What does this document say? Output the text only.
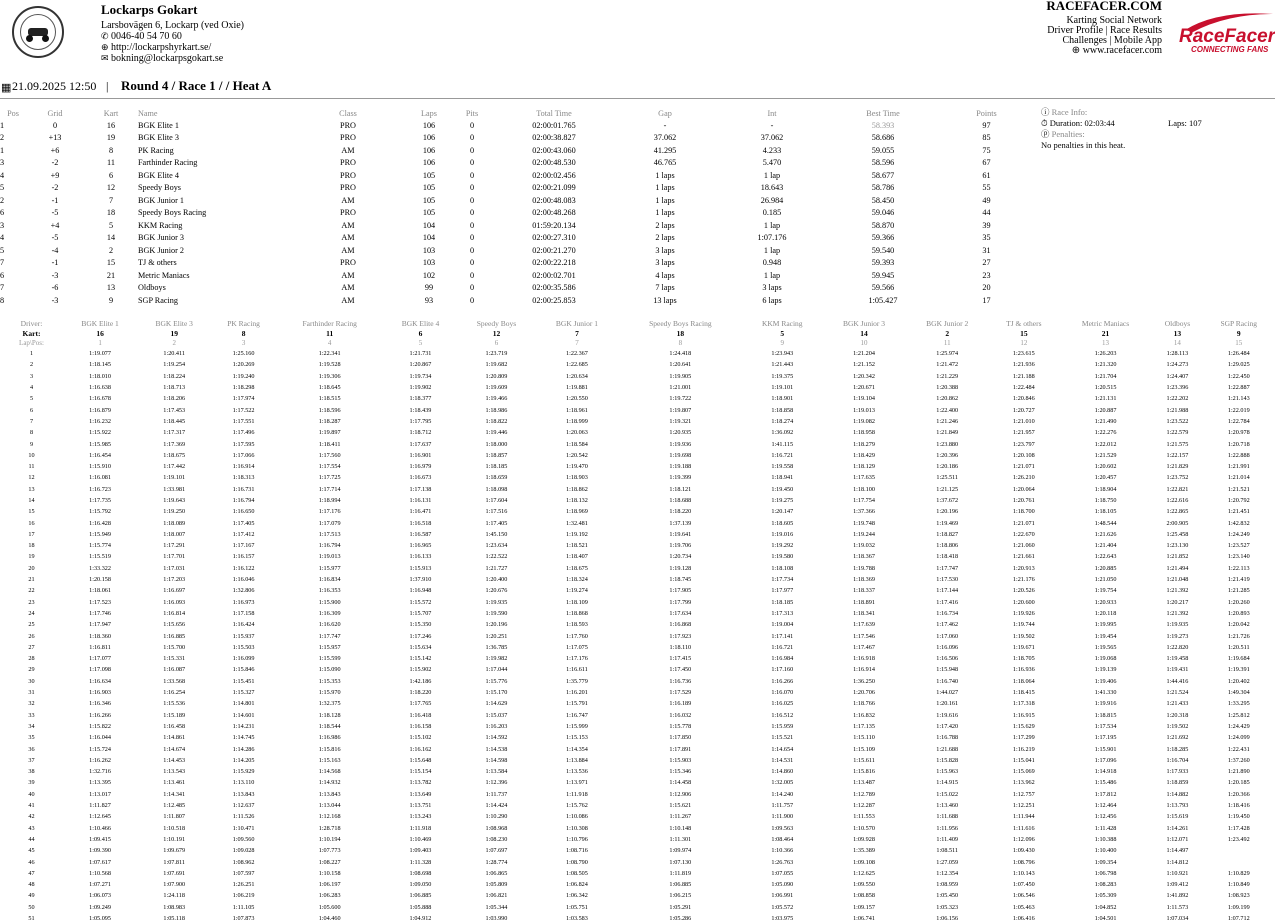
Lockarps Gokart
Larsbovägen 6, Lockarp (ved Oxie)
✆ 0046-40 54 70 60
⊕ http://lockarpshyrkart.se/
✉ bokning@lockarpsgokart.se
RACEFACER.COM
Karting Social Network
Driver Profile | Race Results
Challenges | Mobile App
⊕ www.racefacer.com
RaceFacer
CONNECTING FANS
▦ 21.09.2025 12:50 | Round 4 / Race 1 / / Heat A
Pos	Grid	Kart	Name	Class	Laps	Pits	Total Time	Gap	Int	Best Time	Points
1	0	16	BGK Elite 1	PRO	106	0	02:00:01.765	-	-	58.393	97
2	+13	19	BGK Elite 3	PRO	106	0	02:00:38.827	37.062	37.062	58.686	85
1	+6	8	PK Racing	AM	106	0	02:00:43.060	41.295	4.233	59.055	75
3	-2	11	Farthinder Racing	PRO	106	0	02:00:48.530	46.765	5.470	58.596	67
4	+9	6	BGK Elite 4	PRO	105	0	02:00:02.456	1 laps	1 lap	58.677	61
5	-2	12	Speedy Boys	PRO	105	0	02:00:21.099	1 laps	18.643	58.786	55
2	-1	7	BGK Junior 1	AM	105	0	02:00:48.083	1 laps	26.984	58.450	49
6	-5	18	Speedy Boys Racing	PRO	105	0	02:00:48.268	1 laps	0.185	59.046	44
3	+4	5	KKM Racing	AM	104	0	01:59:20.134	2 laps	1 lap	58.870	39
4	-5	14	BGK Junior 3	AM	104	0	02:00:27.310	2 laps	1:07.176	59.366	35
5	-4	2	BGK Junior 2	AM	103	0	02:00:21.270	3 laps	1 lap	59.540	31
7	-1	15	TJ & others	PRO	103	0	02:00:22.218	3 laps	0.948	59.393	27
6	-3	21	Metric Maniacs	AM	102	0	02:00:02.701	4 laps	1 lap	59.945	23
7	-6	13	Oldboys	AM	99	0	02:00:35.586	7 laps	3 laps	59.566	20
8	-3	9	SGP Racing	AM	93	0	02:00:25.853	13 laps	6 laps	1:05.427	17
ⓘ Race Info:
⏱ Duration: 02:03:44	Laps: 107
ⓟ Penalties:
No penalties in this heat.
Driver:	BGK Elite 1	BGK Elite 3	PK Racing	Farthinder Racing	BGK Elite 4	Speedy Boys	BGK Junior 1	Speedy Boys Racing	KKM Racing	BGK Junior 3	BGK Junior 2	TJ & others	Metric Maniacs	Oldboys	SGP Racing
Kart:	16	19	8	11	6	12	7	18	5	14	2	15	21	13	9
Lap\Pos:	1	2	3	4	5	6	7	8	9	10	11	12	13	14	15
1	1:19.077	1:20.411	1:25.160	1:22.341	1:21.731	1:23.719	1:22.367	1:24.418	1:23.943	1:21.204	1:25.974	1:23.615	1:26.203	1:28.113	1:26.484
2	1:18.145	1:19.254	1:20.269	1:19.528	1:20.867	1:19.682	1:22.685	1:20.641	1:21.443	1:21.152	1:21.472	1:21.936	1:21.320	1:24.273	1:29.025
3	1:18.010	1:18.224	1:19.240	1:19.306	1:19.734	1:20.809	1:20.634	1:19.905	1:19.375	1:20.342	1:21.229	1:21.188	1:21.704	1:24.407	1:22.450
4	1:16.638	1:18.713	1:18.298	1:18.645	1:19.902	1:19.609	1:19.881	1:21.001	1:19.101	1:20.671	1:20.388	1:22.484	1:20.515	1:23.396	1:22.887
5	1:16.678	1:18.206	1:17.974	1:18.515	1:18.377	1:19.466	1:20.550	1:19.722	1:18.901	1:19.104	1:20.862	1:20.846	1:21.131	1:22.202	1:21.143
6	1:16.879	1:17.453	1:17.522	1:18.596	1:18.439	1:18.986	1:18.961	1:19.807	1:18.858	1:19.013	1:22.400	1:20.727	1:20.887	1:21.988	1:22.019
7	1:16.232	1:18.445	1:17.551	1:18.287	1:17.795	1:18.822	1:18.999	1:19.321	1:18.274	1:19.082	1:21.246	1:21.010	1:21.490	1:23.522	1:22.784
8	1:15.922	1:17.317	1:17.496	1:19.897	1:18.712	1:19.446	1:20.063	1:20.935	1:36.092	1:18.958	1:21.849	1:21.957	1:22.276	1:22.579	1:20.978
9	1:15.985	1:17.369	1:17.595	1:18.411	1:17.637	1:18.000	1:18.584	1:19.936	1:41.115	1:18.279	1:23.880	1:23.797	1:22.012	1:21.575	1:20.718
10	1:16.454	1:18.675	1:17.066	1:17.560	1:16.901	1:18.857	1:20.542	1:19.698	1:16.721	1:18.429	1:20.396	1:20.108	1:21.529	1:22.157	1:22.888
11	1:15.910	1:17.442	1:16.914	1:17.554	1:16.979	1:18.185	1:19.470	1:19.188	1:19.558	1:18.129	1:20.186	1:21.071	1:20.602	1:21.829	1:21.991
12	1:16.081	1:19.101	1:18.313	1:17.725	1:16.673	1:18.659	1:18.903	1:19.399	1:18.941	1:17.635	1:25.511	1:26.210	1:20.457	1:23.752	1:21.014
13	1:16.723	1:33.981	1:16.731	1:17.714	1:17.138	1:18.098	1:18.862	1:18.121	1:19.450	1:18.100	1:21.125	1:20.064	1:18.904	1:22.821	1:21.521
14	1:17.735	1:19.643	1:16.794	1:18.994	1:16.131	1:17.604	1:18.132	1:18.688	1:19.275	1:17.754	1:37.672	1:20.761	1:18.750	1:22.616	1:20.792
15	1:15.792	1:19.250	1:16.650	1:17.176	1:16.471	1:17.516	1:18.969	1:18.220	1:20.147	1:37.366	1:20.196	1:18.700	1:18.105	1:22.865	1:21.451
16	1:16.428	1:18.089	1:17.405	1:17.079	1:16.518	1:17.405	1:32.481	1:37.139	1:18.605	1:19.748	1:19.469	1:21.071	1:48.544	2:00.905	1:42.832
17	1:15.949	1:18.007	1:17.412	1:17.513	1:16.587	1:45.150	1:19.192	1:19.641	1:19.016	1:19.244	1:18.827	1:22.670	1:21.626	1:25.458	1:24.249
18	1:15.774	1:17.291	1:17.167	1:16.794	1:16.965	1:23.634	1:18.521	1:19.706	1:19.292	1:19.032	1:18.806	1:21.060	1:21.404	1:23.130	1:23.527
19	1:15.519	1:17.701	1:16.157	1:19.013	1:16.133	1:22.522	1:18.407	1:20.734	1:19.580	1:18.367	1:18.418	1:21.661	1:22.643	1:21.852	1:23.140
20	1:33.322	1:17.031	1:16.122	1:15.977	1:15.913	1:21.727	1:18.675	1:19.128	1:18.108	1:19.788	1:17.747	1:20.913	1:20.885	1:21.494	1:22.113
21	1:20.158	1:17.203	1:16.046	1:16.834	1:37.910	1:20.400	1:18.324	1:18.745	1:17.734	1:18.369	1:17.530	1:21.176	1:21.050	1:21.048	1:21.419
22	1:18.061	1:16.697	1:32.806	1:16.353	1:16.948	1:20.676	1:19.274	1:17.905	1:17.977	1:18.337	1:17.144	1:20.526	1:19.754	1:21.392	1:21.285
23	1:17.523	1:16.093	1:16.973	1:15.900	1:15.572	1:19.935	1:18.109	1:17.799	1:18.185	1:18.891	1:17.416	1:20.600	1:20.933	1:20.217	1:20.260
24	1:17.746	1:16.814	1:17.158	1:16.309	1:15.707	1:19.590	1:18.868	1:17.634	1:17.313	1:18.341	1:16.734	1:19.926	1:20.118	1:21.392	1:20.893
25	1:17.947	1:15.656	1:16.424	1:16.620	1:15.350	1:20.196	1:18.593	1:16.868	1:19.004	1:17.639	1:17.462	1:19.744	1:19.995	1:19.935	1:20.042
26	1:18.360	1:16.885	1:15.937	1:17.747	1:17.246	1:20.251	1:17.760	1:17.923	1:17.141	1:17.546	1:17.060	1:19.502	1:19.454	1:19.273	1:21.726
27	1:16.811	1:15.700	1:15.503	1:15.957	1:15.634	1:36.785	1:17.075	1:18.110	1:16.721	1:17.467	1:16.096	1:19.671	1:19.565	1:22.820	1:20.511
28	1:17.077	1:15.331	1:16.099	1:15.599	1:15.142	1:19.982	1:17.176	1:17.415	1:16.984	1:16.918	1:16.506	1:18.705	1:19.068	1:19.458	1:19.684
29	1:17.098	1:16.087	1:15.846	1:15.090	1:15.902	1:17.044	1:16.611	1:17.450	1:17.160	1:16.914	1:15.948	1:16.936	1:19.139	1:19.431	1:19.391
30	1:16.634	1:33.568	1:15.451	1:15.353	1:42.186	1:15.776	1:35.779	1:16.736	1:16.266	1:36.250	1:16.740	1:18.064	1:19.406	1:44.416	1:20.402
31	1:16.903	1:16.254	1:15.327	1:15.970	1:18.220	1:15.170	1:16.201	1:17.529	1:16.070	1:20.706	1:44.027	1:18.415	1:41.330	1:21.524	1:49.304
32	1:16.346	1:15.536	1:14.801	1:32.375	1:17.765	1:14.629	1:15.791	1:16.189	1:16.025	1:18.766	1:20.161	1:17.318	1:19.916	1:21.433	1:33.295
33	1:16.266	1:15.189	1:14.601	1:18.128	1:16.418	1:15.037	1:16.747	1:16.032	1:16.512	1:16.832	1:19.616	1:16.915	1:18.815	1:20.318	1:25.812
34	1:15.822	1:16.458	1:14.231	1:18.544	1:16.158	1:16.203	1:15.999	1:15.778	1:15.959	1:17.135	1:17.420	1:15.629	1:17.534	1:19.502	1:24.429
35	1:16.044	1:14.861	1:14.745	1:16.986	1:15.102	1:14.592	1:15.153	1:17.850	1:15.521	1:15.110	1:16.788	1:17.299	1:17.195	1:21.692	1:24.099
36	1:15.724	1:14.674	1:14.286	1:15.816	1:16.162	1:14.538	1:14.354	1:17.891	1:14.654	1:15.109	1:21.688	1:16.219	1:15.901	1:18.285	1:22.431
37	1:16.262	1:14.453	1:14.205	1:15.163	1:15.648	1:14.598	1:13.884	1:15.903	1:14.531	1:15.611	1:15.828	1:15.041	1:17.096	1:16.704	1:37.260
38	1:32.716	1:13.543	1:15.929	1:14.568	1:15.154	1:13.584	1:13.536	1:15.346	1:14.860	1:15.816	1:15.963	1:15.069	1:14.918	1:17.933	1:21.890
39	1:13.395	1:13.461	1:13.110	1:14.932	1:13.782	1:12.396	1:13.971	1:14.458	1:32.005	1:13.487	1:14.915	1:13.962	1:15.486	1:18.859	1:20.185
40	1:13.017	1:14.341	1:13.843	1:13.843	1:13.649	1:11.737	1:11.918	1:12.906	1:14.240	1:12.789	1:15.022	1:12.757	1:17.812	1:14.882	1:20.366
41	1:11.827	1:12.485	1:12.637	1:13.044	1:13.751	1:14.424	1:15.762	1:15.621	1:11.757	1:12.287	1:13.460	1:12.251	1:12.464	1:13.793	1:18.416
42	1:12.645	1:11.807	1:11.526	1:12.168	1:13.243	1:10.290	1:10.086	1:11.267	1:11.900	1:11.553	1:11.688	1:11.944	1:12.456	1:15.619	1:19.450
43	1:10.466	1:10.518	1:10.471	1:28.718	1:11.918	1:08.968	1:10.308	1:10.148	1:09.563	1:10.570	1:11.956	1:11.616	1:11.428	1:14.261	1:17.428
44	1:09.415	1:10.191	1:09.560	1:10.194	1:10.469	1:08.230	1:10.796	1:11.301	1:08.464	1:09.928	1:11.409	1:12.096	1:10.388	1:12.071	1:23.492
45	1:09.390	1:09.679	1:09.028	1:07.773	1:09.403	1:07.697	1:08.716	1:09.974	1:10.366	1:35.389	1:08.511	1:09.430	1:10.400	1:14.497	
46	1:07.617	1:07.811	1:08.962	1:08.227	1:11.328	1:28.774	1:08.790	1:07.130	1:26.763	1:09.108	1:27.059	1:08.796	1:09.354	1:14.812	
47	1:10.568	1:07.691	1:07.597	1:10.158	1:08.698	1:06.865	1:08.505	1:11.819	1:07.055	1:12.625	1:12.354	1:10.143	1:06.798	1:10.921	1:10.829
48	1:07.271	1:07.900	1:26.251	1:06.197	1:09.050	1:05.809	1:06.824	1:06.885	1:05.090	1:09.550	1:08.959	1:07.450	1:08.283	1:09.412	1:10.849
49	1:06.073	1:24.118	1:06.219	1:06.283	1:06.885	1:06.821	1:06.342	1:06.215	1:06.991	1:08.858	1:05.450	1:06.546	1:05.309	1:41.892	1:08.923
50	1:09.249	1:08.983	1:11.105	1:05.600	1:05.888	1:05.344	1:05.751	1:05.291	1:05.572	1:09.157	1:05.323	1:05.463	1:04.852	1:11.573	1:09.199
51	1:05.095	1:05.118	1:07.873	1:04.460	1:04.912	1:03.990	1:03.583	1:05.286	1:03.975	1:06.741	1:06.156	1:06.416	1:04.501	1:07.034	1:07.712
